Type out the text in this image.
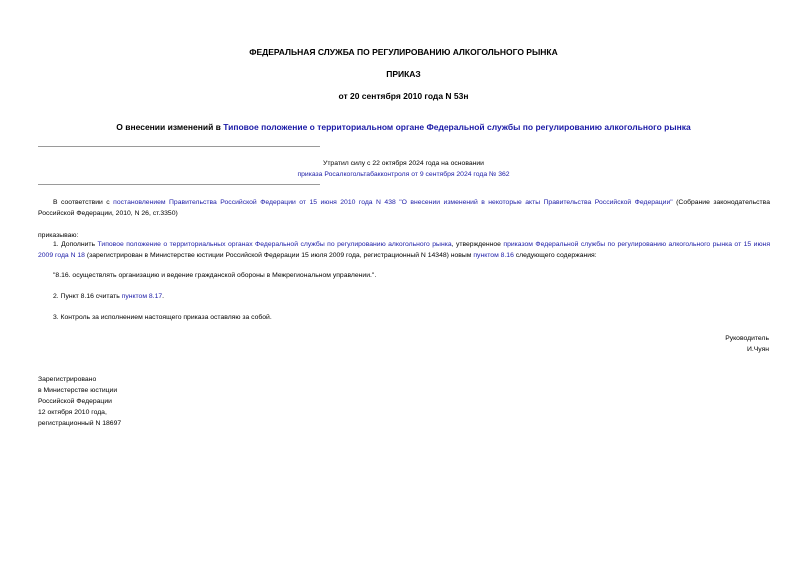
ФЕДЕРАЛЬНАЯ СЛУЖБА ПО РЕГУЛИРОВАНИЮ АЛКОГОЛЬНОГО РЫНКА
ПРИКАЗ
от 20 сентября 2010 года N 53н
О внесении изменений в Типовое положение о территориальном органе Федеральной службы по регулированию алкогольного рынка
Утратил силу с 22 октября 2024 года на основании
приказа Росалкогольтабакконтроля от 9 сентября 2024 года № 362
В соответствии с постановлением Правительства Российской Федерации от 15 июня 2010 года N 438 "О внесении изменений в некоторые акты Правительства Российской Федерации" (Собрание законодательства Российской Федерации, 2010, N 26, ст.3350)
приказываю:
1. Дополнить Типовое положение о территориальных органах Федеральной службы по регулированию алкогольного рынка, утвержденное приказом Федеральной службы по регулированию алкогольного рынка от 15 июня 2009 года N 18 (зарегистрирован в Министерстве юстиции Российской Федерации 15 июля 2009 года, регистрационный N 14348) новым пунктом 8.16 следующего содержания:
"8.16. осуществлять организацию и ведение гражданской обороны в Межрегиональном управлении.".
2. Пункт 8.16 считать пунктом 8.17.
3. Контроль за исполнением настоящего приказа оставляю за собой.

Руководитель

И.Чуян

Зарегистрировано

в Министерстве юстиции

Российской Федерации

12 октября 2010 года,

регистрационный N 18697
